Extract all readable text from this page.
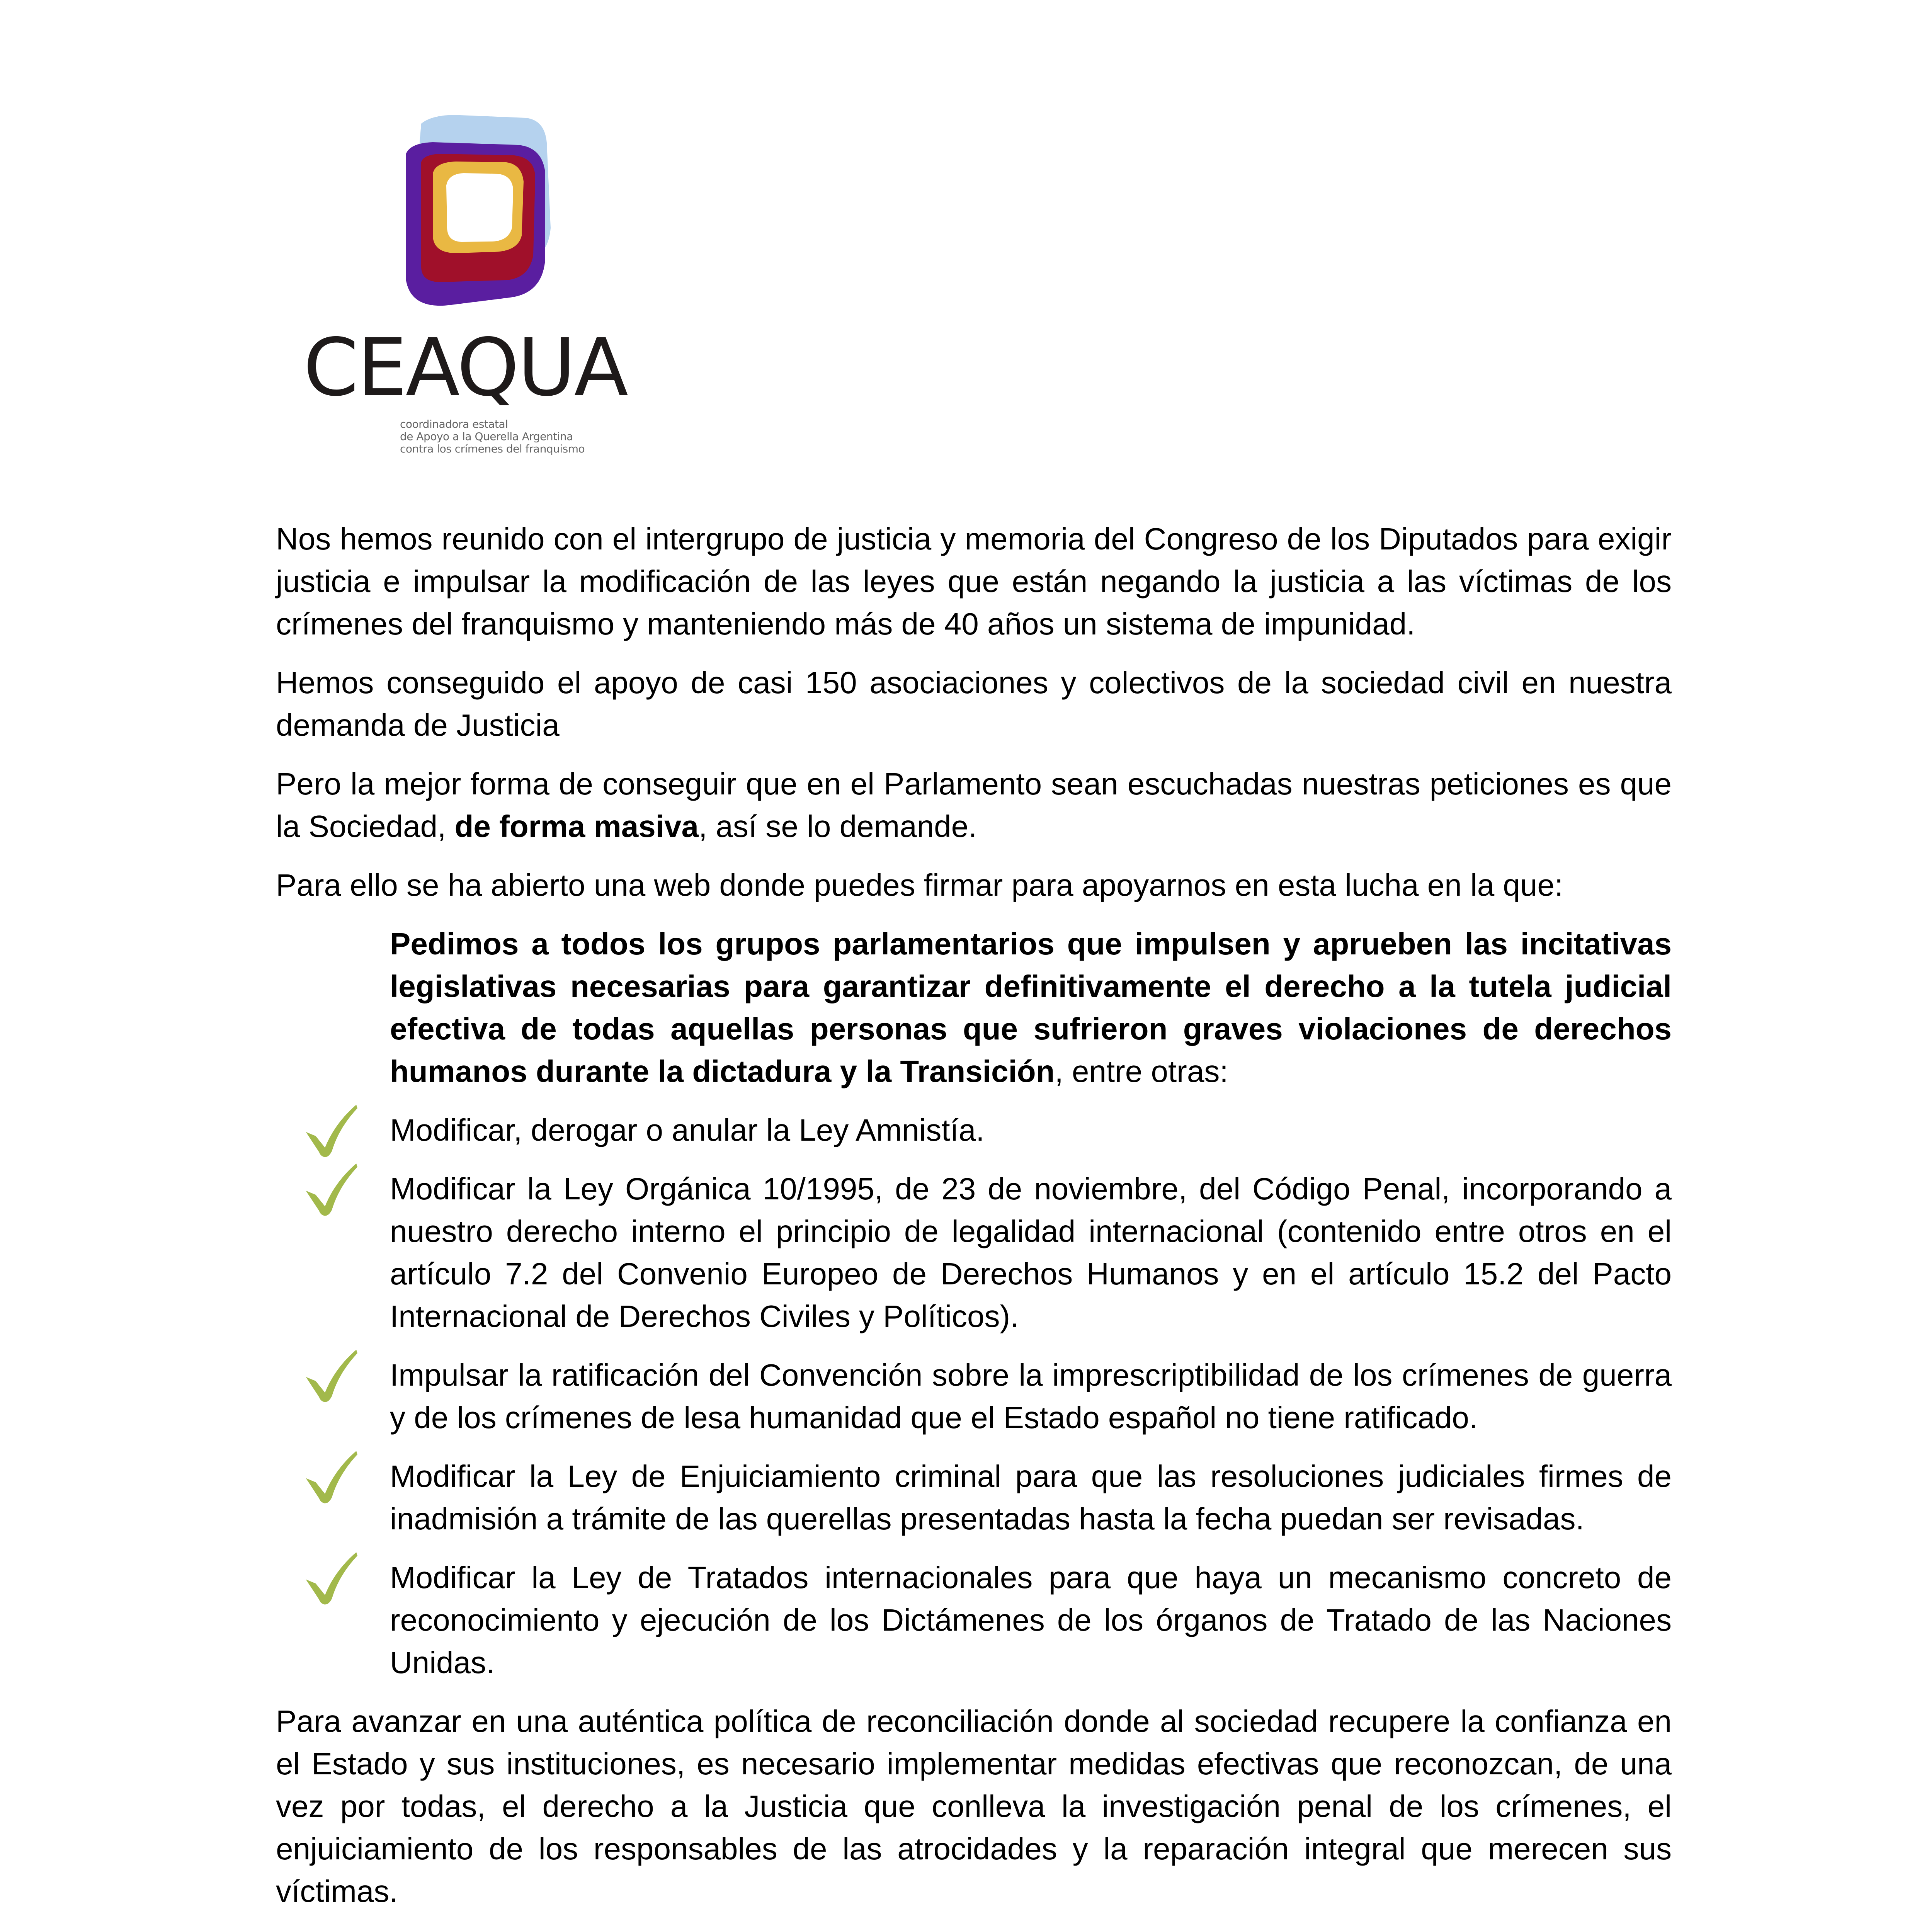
CEAQUA
coordinadora estatal
de Apoyo a la Querella Argentina
contra los crímenes del franquismo

Nos hemos reunido con el intergrupo de justicia y memoria del Congreso de los Diputados para exigir justicia e impulsar la modificación de las leyes que están negando la justicia a las víctimas de los crímenes del franquismo y manteniendo más de 40 años un sistema de impunidad.

Hemos conseguido el apoyo de casi 150 asociaciones y colectivos de la sociedad civil en nuestra demanda de Justicia

Pero la mejor forma de conseguir que en el Parlamento sean escuchadas nuestras peticiones es que la Sociedad, de forma masiva, así se lo demande.

Para ello se ha abierto una web donde puedes firmar para apoyarnos en esta lucha en la que:

Pedimos a todos los grupos parlamentarios que impulsen y aprueben las incitativas legislativas necesarias para garantizar definitivamente el derecho a la tutela judicial efectiva de todas aquellas personas que sufrieron graves violaciones de derechos humanos durante la dictadura y la Transición, entre otras:

Modificar, derogar o anular la Ley Amnistía.

Modificar la Ley Orgánica 10/1995, de 23 de noviembre, del Código Penal, incorporando a nuestro derecho interno el principio de legalidad internacional (contenido entre otros en el artículo 7.2 del Convenio Europeo de Derechos Humanos y en el artículo 15.2 del Pacto Internacional de Derechos Civiles y Políticos).

Impulsar la ratificación del Convención sobre la imprescriptibilidad de los crímenes de guerra y de los crímenes de lesa humanidad que el Estado español no tiene ratificado.

Modificar la Ley de Enjuiciamiento criminal para que las resoluciones judiciales firmes de inadmisión a trámite de las querellas presentadas hasta la fecha puedan ser revisadas.

Modificar la Ley de Tratados internacionales para que haya un mecanismo concreto de reconocimiento y ejecución de los Dictámenes de los órganos de Tratado de las Naciones Unidas.

Para avanzar en una auténtica política de reconciliación donde al sociedad recupere la confianza en el Estado y sus instituciones, es necesario implementar medidas efectivas que reconozcan, de una vez por todas, el derecho a la Justicia que conlleva la investigación penal de los crímenes, el enjuiciamiento de los responsables de las atrocidades y la reparación integral que merecen sus víctimas.
